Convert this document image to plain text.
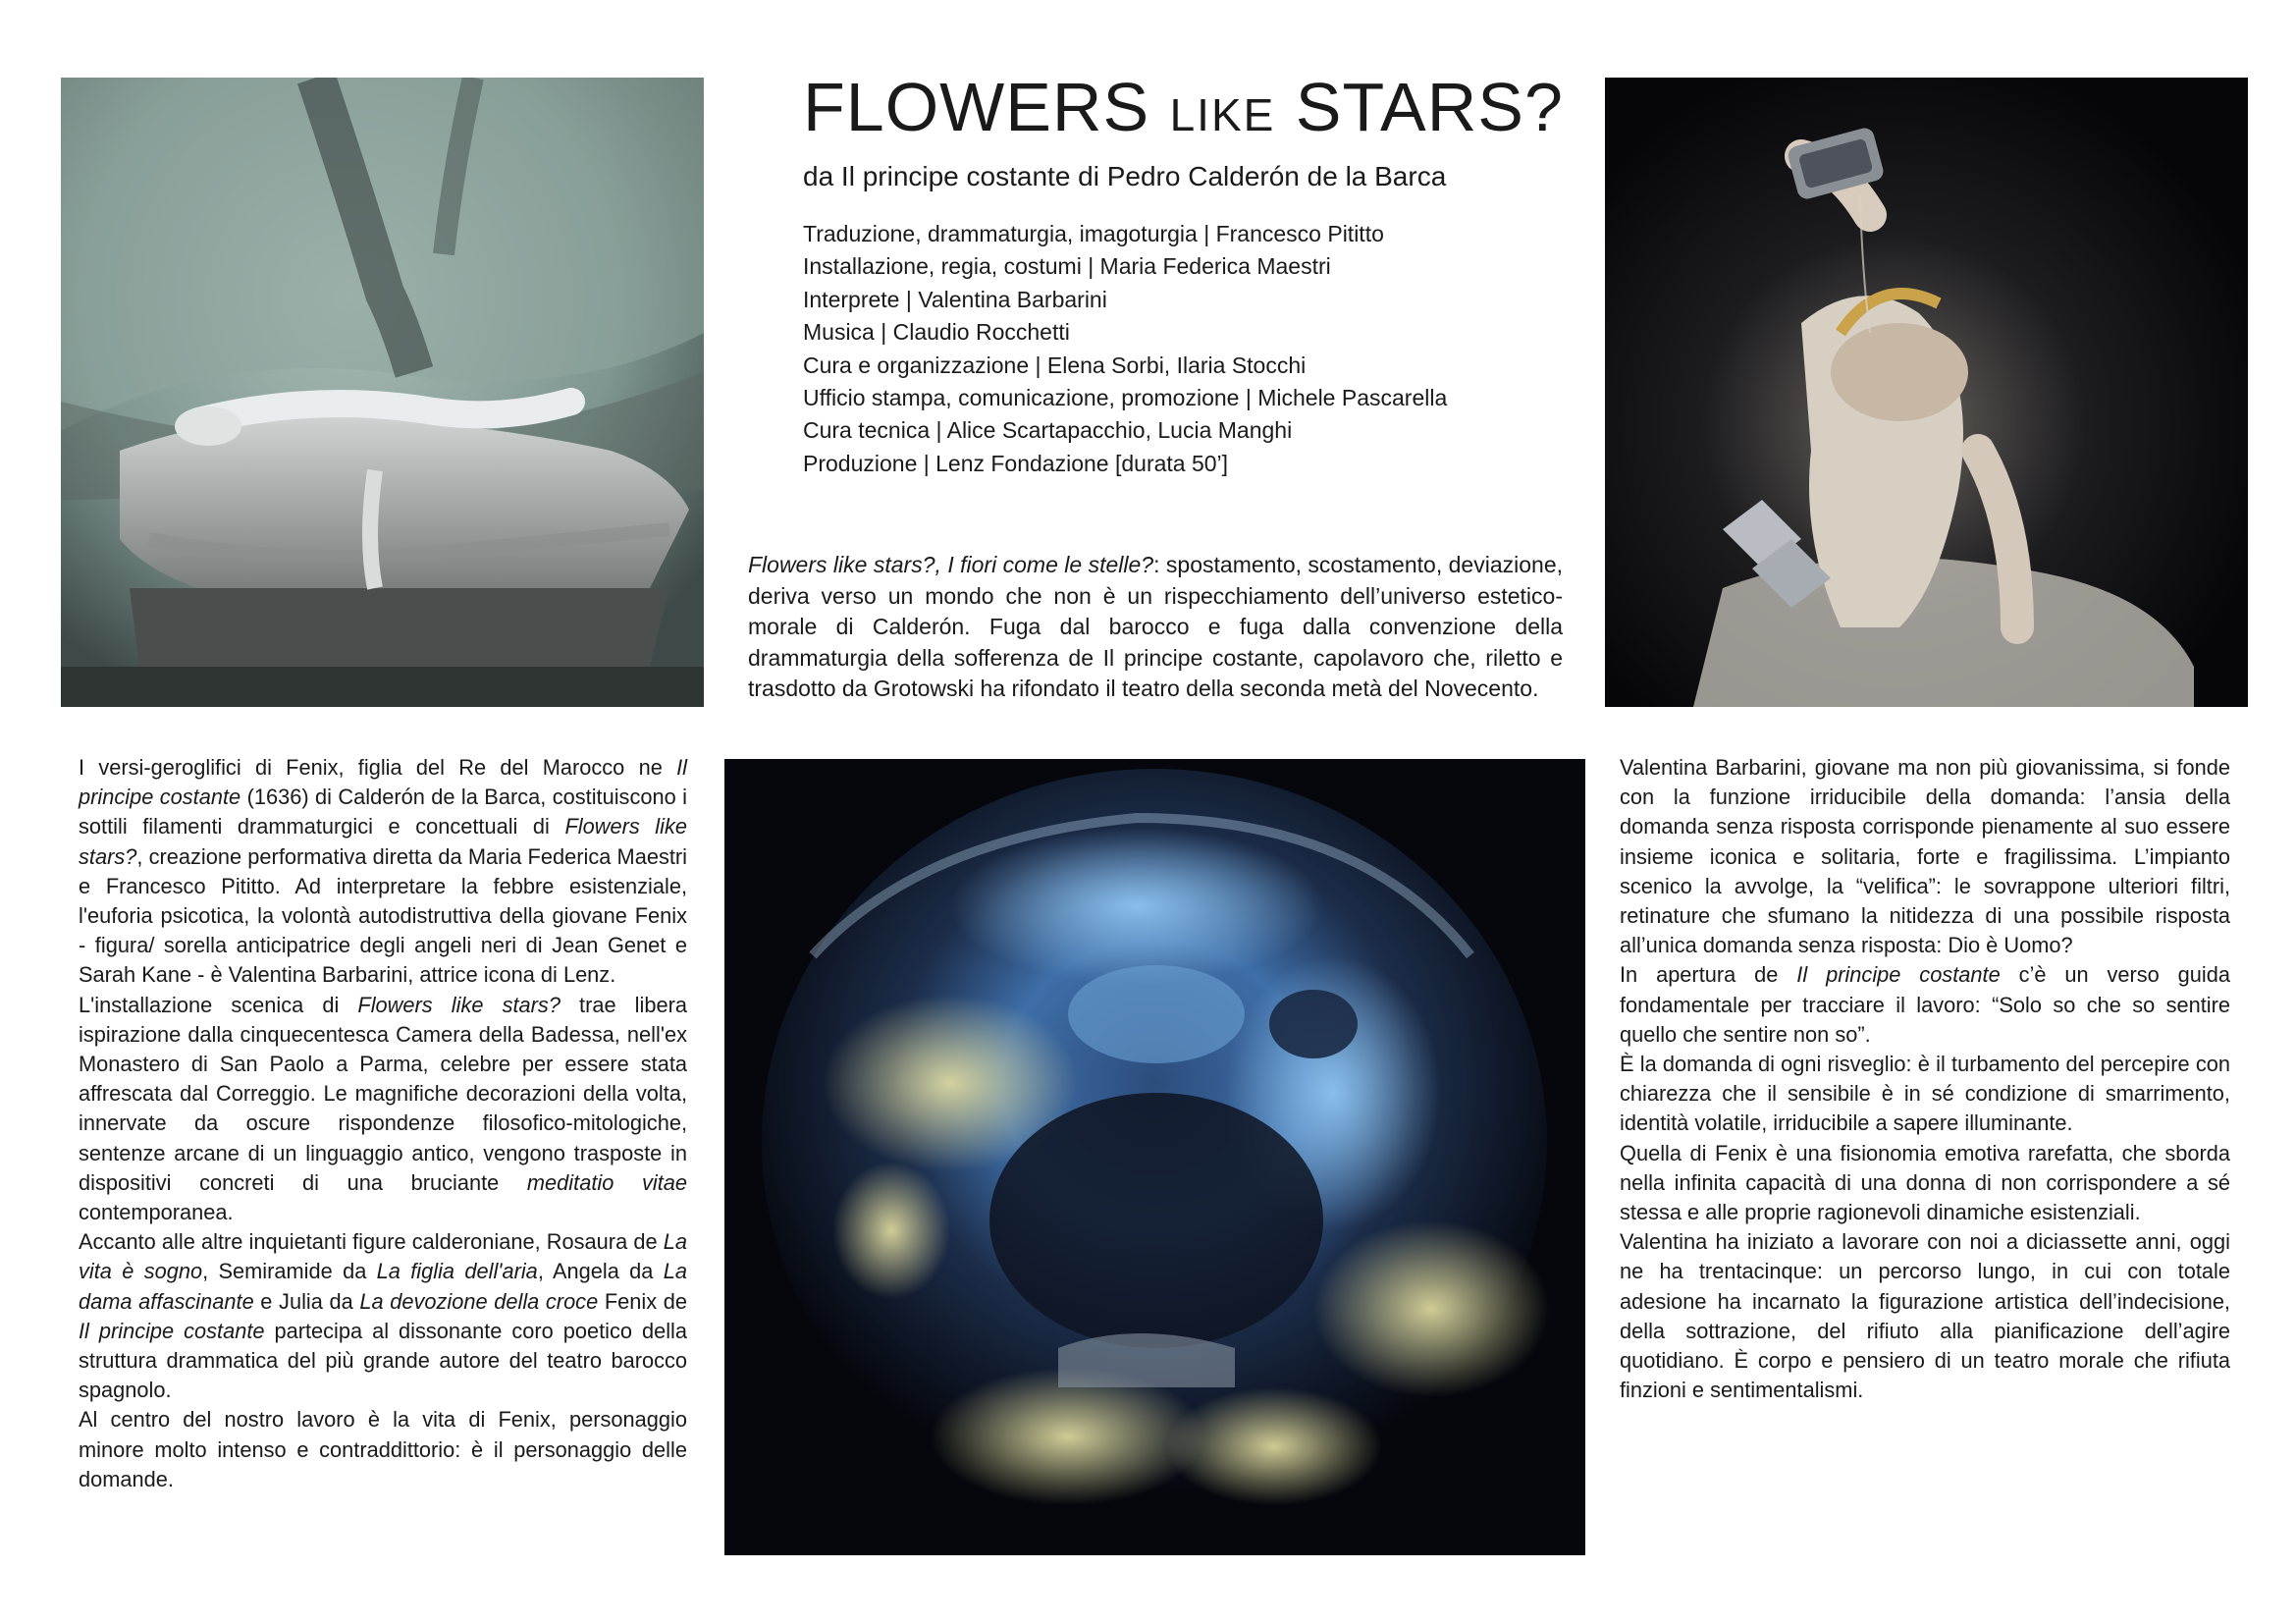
FLOWERS LIKE STARS?
da Il principe costante di Pedro Calderón de la Barca
Traduzione, drammaturgia, imagoturgia | Francesco Pititto
Installazione, regia, costumi | Maria Federica Maestri
Interprete | Valentina Barbarini
Musica | Claudio Rocchetti
Cura e organizzazione | Elena Sorbi, Ilaria Stocchi
Ufficio stampa, comunicazione, promozione | Michele Pascarella
Cura tecnica | Alice Scartapacchio, Lucia Manghi
Produzione | Lenz Fondazione [durata 50’]
Flowers like stars?, I fiori come le stelle?: spostamento, scostamento, deviazione, deriva verso un mondo che non è un rispecchiamento dell’universo estetico-morale di Calderón. Fuga dal barocco e fuga dalla convenzione della drammaturgia della sofferenza de Il principe costante, capolavoro che, riletto e trasdotto da Grotowski ha rifondato il teatro della seconda metà del Novecento.

I versi-geroglifici di Fenix, figlia del Re del Marocco ne Il principe costante (1636) di Calderón de la Barca, costituiscono i sottili filamenti drammaturgici e concettuali di Flowers like stars?, creazione performativa diretta da Maria Federica Maestri e Francesco Pititto. Ad interpretare la febbre esistenziale, l'euforia psicotica, la volontà autodistruttiva della giovane Fenix - figura/ sorella anticipatrice degli angeli neri di Jean Genet e Sarah Kane - è Valentina Barbarini, attrice icona di Lenz.

L'installazione scenica di Flowers like stars? trae libera ispirazione dalla cinquecentesca Camera della Badessa, nell'ex Monastero di San Paolo a Parma, celebre per essere stata affrescata dal Correggio. Le magnifiche decorazioni della volta, innervate da oscure rispondenze filosofico-mitologiche, sentenze arcane di un linguaggio antico, vengono trasposte in dispositivi concreti di una bruciante meditatio vitae contemporanea.

Accanto alle altre inquietanti figure calderoniane, Rosaura de La vita è sogno, Semiramide da La figlia dell'aria, Angela da La dama affascinante e Julia da La devozione della croce Fenix de Il principe costante partecipa al dissonante coro poetico della struttura drammatica del più grande autore del teatro barocco spagnolo.

Al centro del nostro lavoro è la vita di Fenix, personaggio minore molto intenso e contraddittorio: è il personaggio delle domande.

Valentina Barbarini, giovane ma non più giovanissima, si fonde con la funzione irriducibile della domanda: l’ansia della domanda senza risposta corrisponde pienamente al suo essere insieme iconica e solitaria, forte e fragilissima. L’impianto scenico la avvolge, la “velifica”: le sovrappone ulteriori filtri, retinature che sfumano la nitidezza di una possibile risposta all’unica domanda senza risposta: Dio è Uomo?

In apertura de Il principe costante c’è un verso guida fondamentale per tracciare il lavoro: “Solo so che so sentire quello che sentire non so”.

È la domanda di ogni risveglio: è il turbamento del percepire con chiarezza che il sensibile è in sé condizione di smarrimento, identità volatile, irriducibile a sapere illuminante.

Quella di Fenix è una fisionomia emotiva rarefatta, che sborda nella infinita capacità di una donna di non corrispondere a sé stessa e alle proprie ragionevoli dinamiche esistenziali.

Valentina ha iniziato a lavorare con noi a diciassette anni, oggi ne ha trentacinque: un percorso lungo, in cui con totale adesione ha incarnato la figurazione artistica dell’indecisione, della sottrazione, del rifiuto alla pianificazione dell’agire quotidiano. È corpo e pensiero di un teatro morale che rifiuta finzioni e sentimentalismi.
